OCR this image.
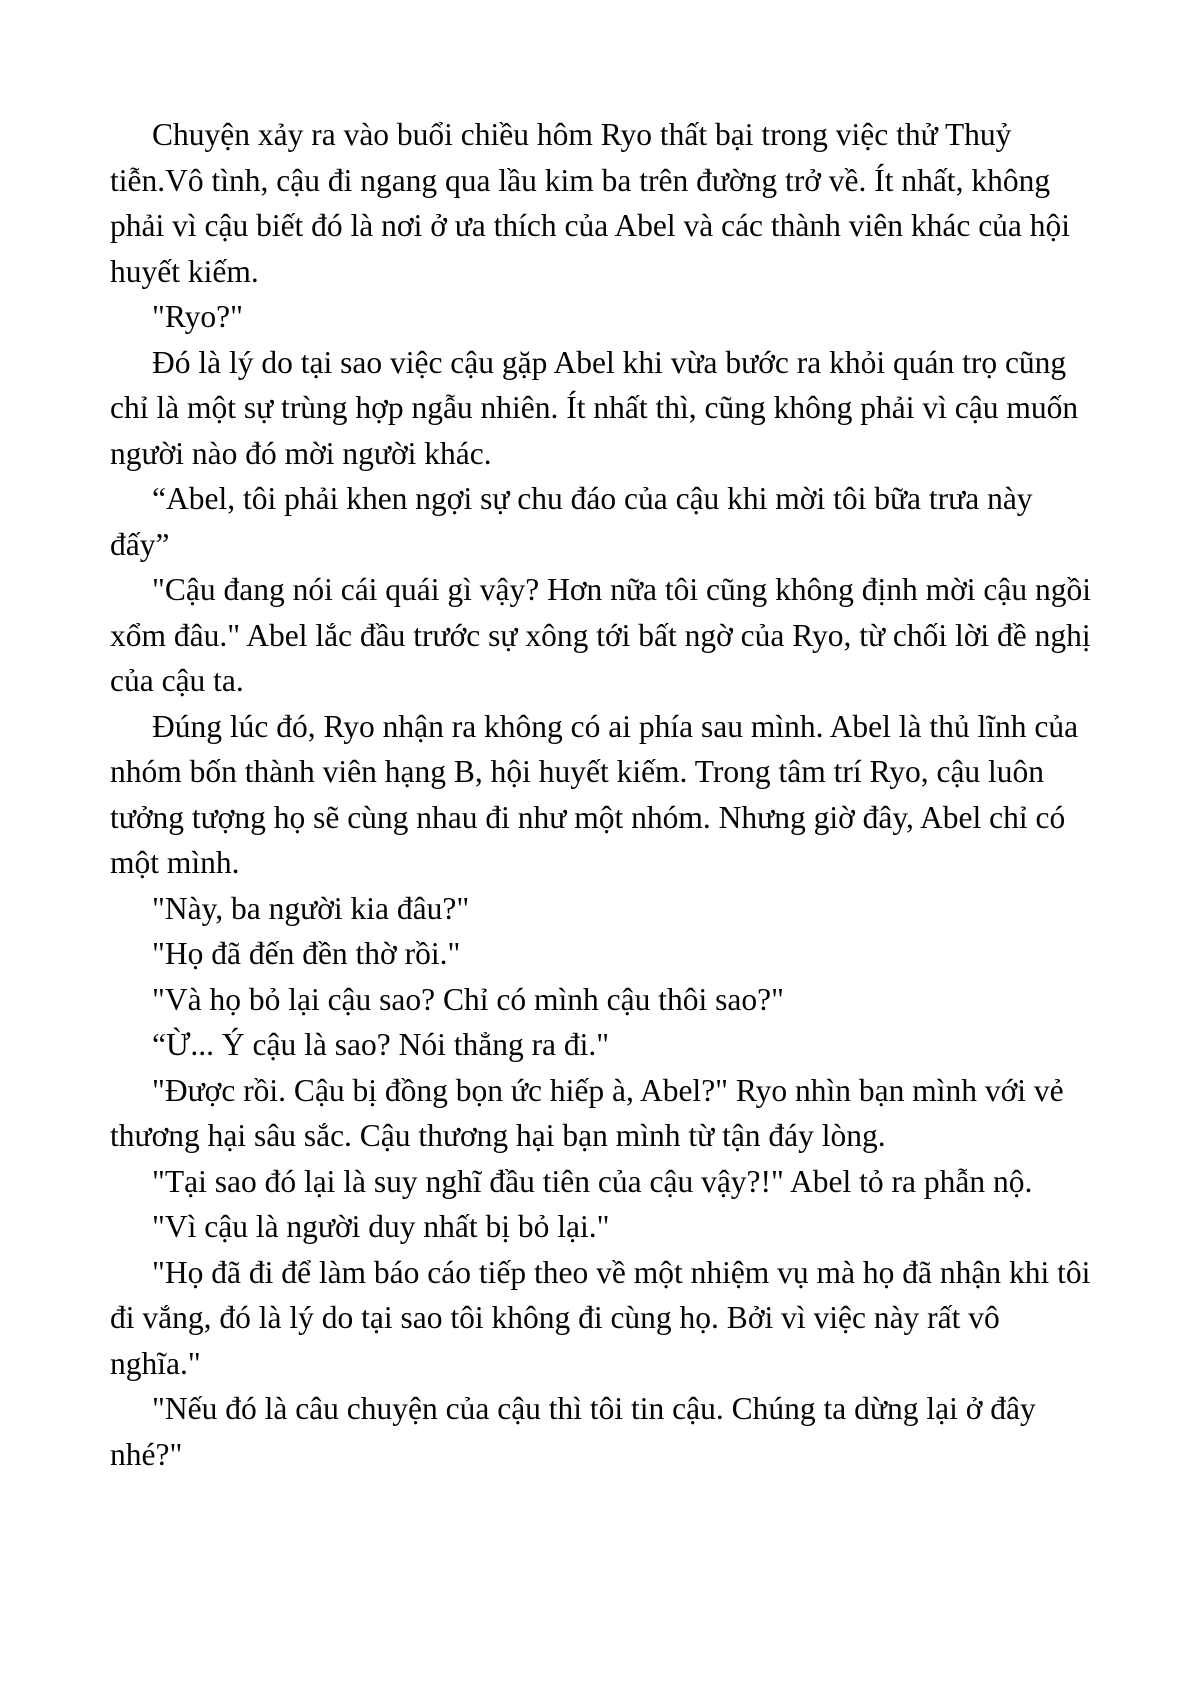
Chuyện xảy ra vào buổi chiều hôm Ryo thất bại trong việc thử Thuỷ tiễn.Vô tình, cậu đi ngang qua lầu kim ba trên đường trở về. Ít nhất, không phải vì cậu biết đó là nơi ở ưa thích của Abel và các thành viên khác của hội huyết kiếm.

"Ryo?"

Đó là lý do tại sao việc cậu gặp Abel khi vừa bước ra khỏi quán trọ cũng chỉ là một sự trùng hợp ngẫu nhiên. Ít nhất thì, cũng không phải vì cậu muốn người nào đó mời người khác.

“Abel, tôi phải khen ngợi sự chu đáo của cậu khi mời tôi bữa trưa này đấy”

"Cậu đang nói cái quái gì vậy? Hơn nữa tôi cũng không định mời cậu ngồi xổm đâu." Abel lắc đầu trước sự xông tới bất ngờ của Ryo, từ chối lời đề nghị của cậu ta.

Đúng lúc đó, Ryo nhận ra không có ai phía sau mình. Abel là thủ lĩnh của nhóm bốn thành viên hạng B, hội huyết kiếm. Trong tâm trí Ryo, cậu luôn tưởng tượng họ sẽ cùng nhau đi như một nhóm. Nhưng giờ đây, Abel chỉ có một mình.

"Này, ba người kia đâu?"

"Họ đã đến đền thờ rồi."

"Và họ bỏ lại cậu sao? Chỉ có mình cậu thôi sao?"

“Ừ... Ý cậu là sao? Nói thẳng ra đi."

"Được rồi. Cậu bị đồng bọn ức hiếp à, Abel?" Ryo nhìn bạn mình với vẻ thương hại sâu sắc. Cậu thương hại bạn mình từ tận đáy lòng.

"Tại sao đó lại là suy nghĩ đầu tiên của cậu vậy?!" Abel tỏ ra phẫn nộ.

"Vì cậu là người duy nhất bị bỏ lại."

"Họ đã đi để làm báo cáo tiếp theo về một nhiệm vụ mà họ đã nhận khi tôi đi vắng, đó là lý do tại sao tôi không đi cùng họ. Bởi vì việc này rất vô nghĩa."

"Nếu đó là câu chuyện của cậu thì tôi tin cậu. Chúng ta dừng lại ở đây nhé?"
